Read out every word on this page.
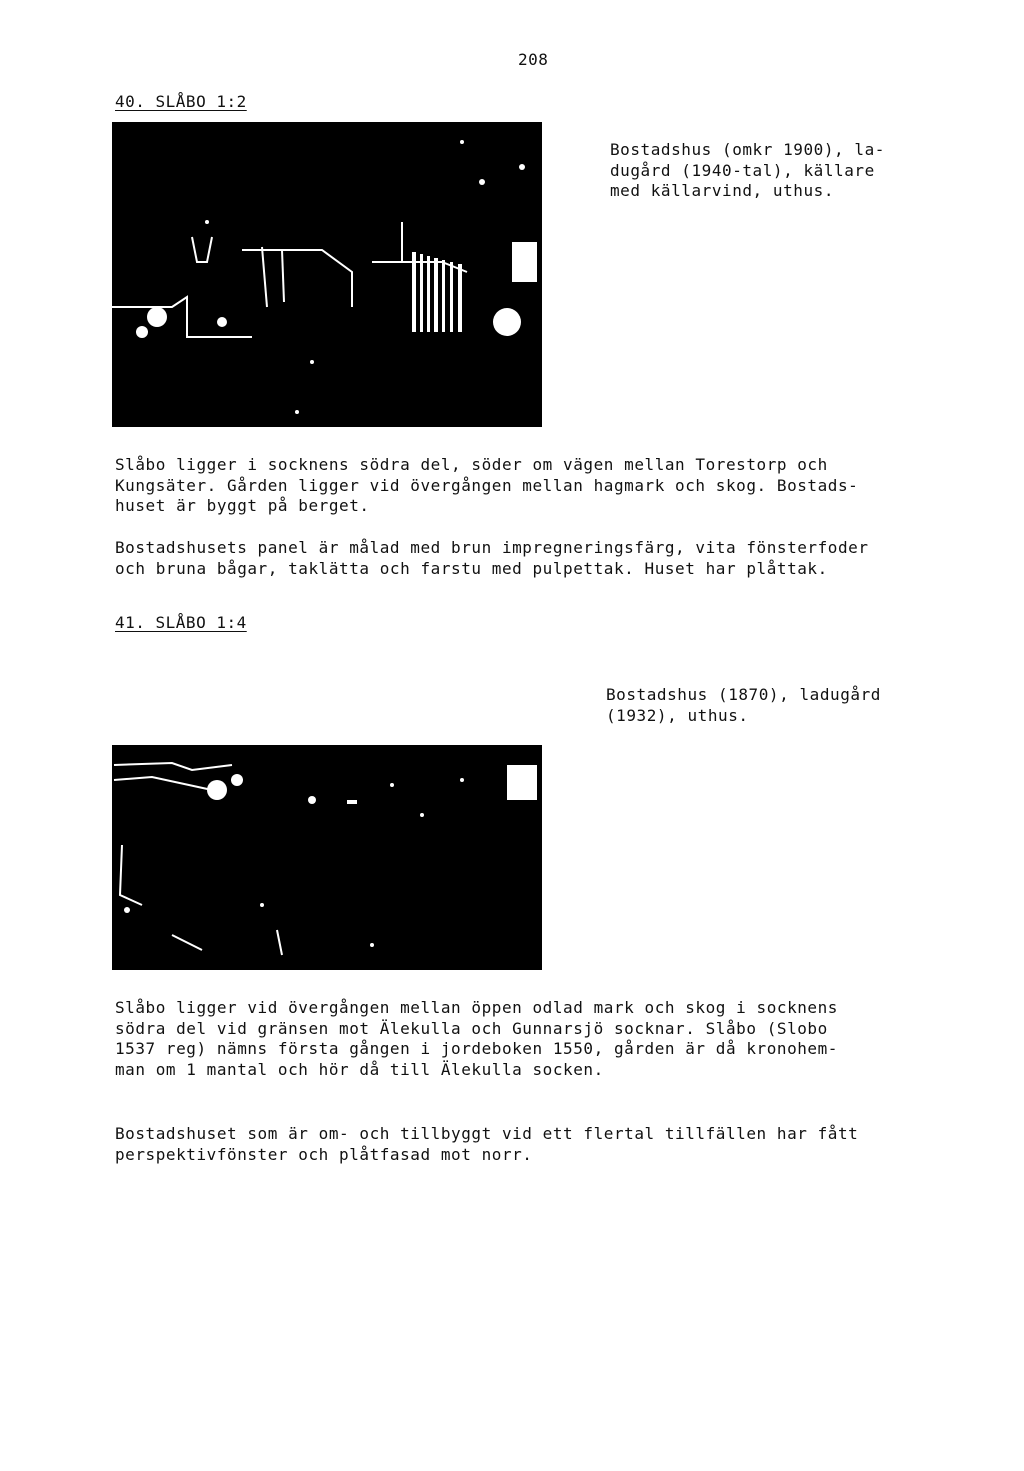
208
40. SLÅBO 1:2
Bostadshus (omkr 1900), la-
dugård (1940-tal), källare
med källarvind, uthus.
Slåbo ligger i socknens södra del, söder om vägen mellan Torestorp och
Kungsäter. Gården ligger vid övergången mellan hagmark och skog. Bostads-
huset är byggt på berget.
Bostadshusets panel är målad med brun impregneringsfärg, vita fönsterfoder
och bruna bågar, taklätta och farstu med pulpettak. Huset har plåttak.
41. SLÅBO 1:4
Bostadshus (1870), ladugård
(1932), uthus.
Slåbo ligger vid övergången mellan öppen odlad mark och skog i socknens
södra del vid gränsen mot Älekulla och Gunnarsjö socknar. Slåbo (Slobo
1537 reg) nämns första gången i jordeboken 1550, gården är då kronohem-
man om 1 mantal och hör då till Älekulla socken.
Bostadshuset som är om- och tillbyggt vid ett flertal tillfällen har fått
perspektivfönster och plåtfasad mot norr.
